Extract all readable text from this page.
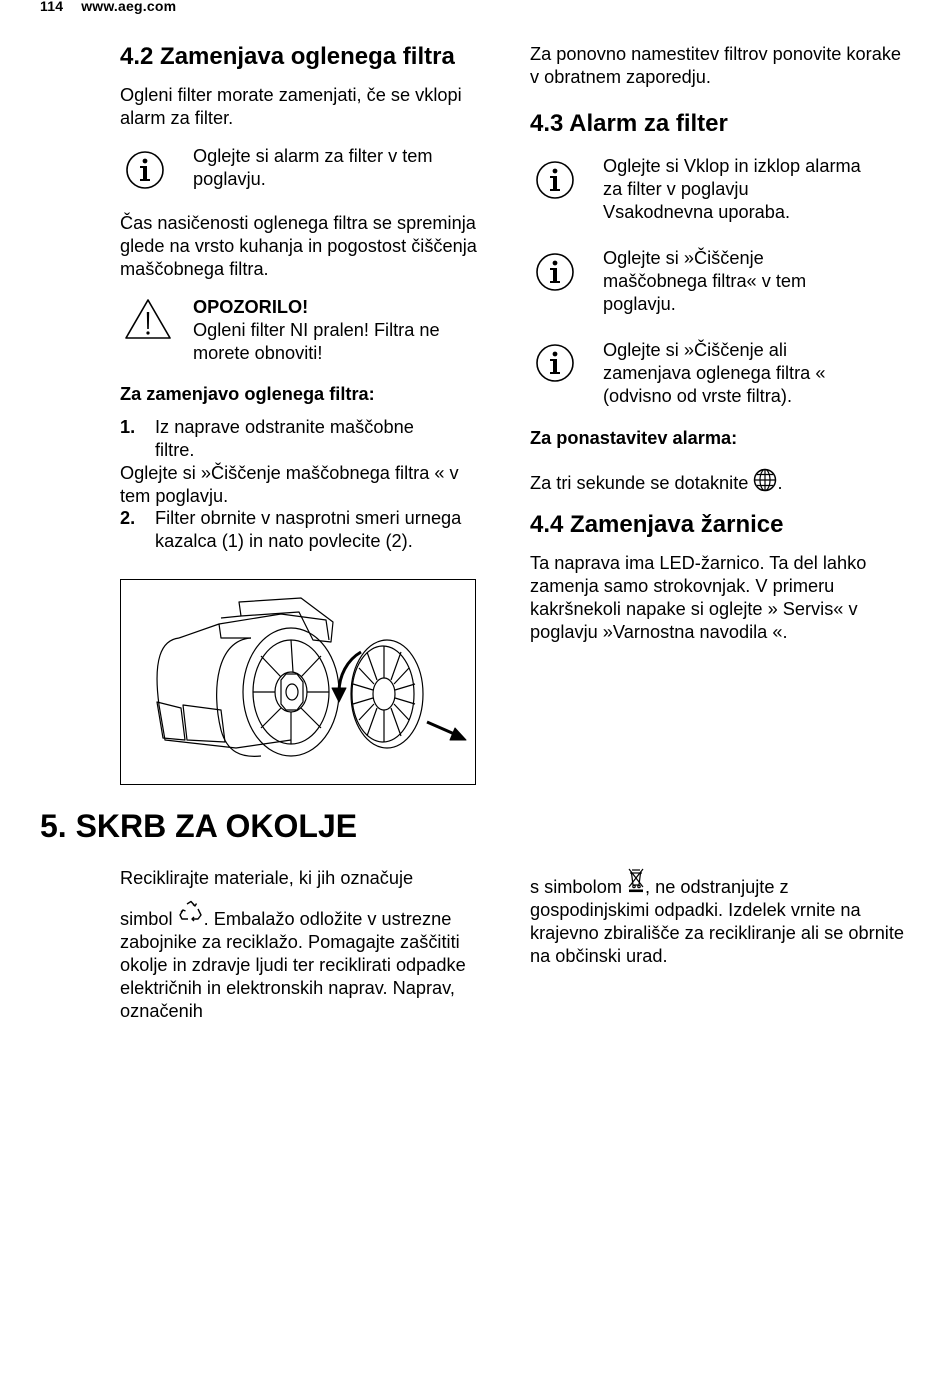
114 www.aeg.com
4.2 Zamenjava oglenega filtra
Ogleni filter morate zamenjati, če se vklopi alarm za filter.
Oglejte si alarm za filter v tem poglavju.
Čas nasičenosti oglenega filtra se spreminja glede na vrsto kuhanja in pogostost čiščenja maščobnega filtra.
OPOZORILO!
Ogleni filter NI pralen! Filtra ne morete obnoviti!
Za zamenjavo oglenega filtra:
1.	Iz naprave odstranite maščobne filtre.
Oglejte si »Čiščenje maščobnega filtra « v tem poglavju.
2.	Filter obrnite v nasprotni smeri urnega kazalca (1) in nato povlecite (2).
Za ponovno namestitev filtrov ponovite korake v obratnem zaporedju.
4.3 Alarm za filter
Oglejte si Vklop in izklop alarma za filter v poglavju Vsakodnevna uporaba.
Oglejte si »Čiščenje maščobnega filtra« v tem poglavju.
Oglejte si »Čiščenje ali zamenjava oglenega filtra « (odvisno od vrste filtra).
Za ponastavitev alarma:
Za tri sekunde se dotaknite .
4.4 Zamenjava žarnice
Ta naprava ima LED-žarnico. Ta del lahko zamenja samo strokovnjak. V primeru kakršnekoli napake si oglejte » Servis« v poglavju »Varnostna navodila «.
5. SKRB ZA OKOLJE
Reciklirajte materiale, ki jih označuje
simbol . Embalažo odložite v ustrezne zabojnike za reciklažo. Pomagajte zaščititi okolje in zdravje ljudi ter reciklirati odpadke električnih in elektronskih naprav. Naprav, označenih
s simbolom , ne odstranjujte z gospodinjskimi odpadki. Izdelek vrnite na krajevno zbirališče za recikliranje ali se obrnite na občinski urad.
